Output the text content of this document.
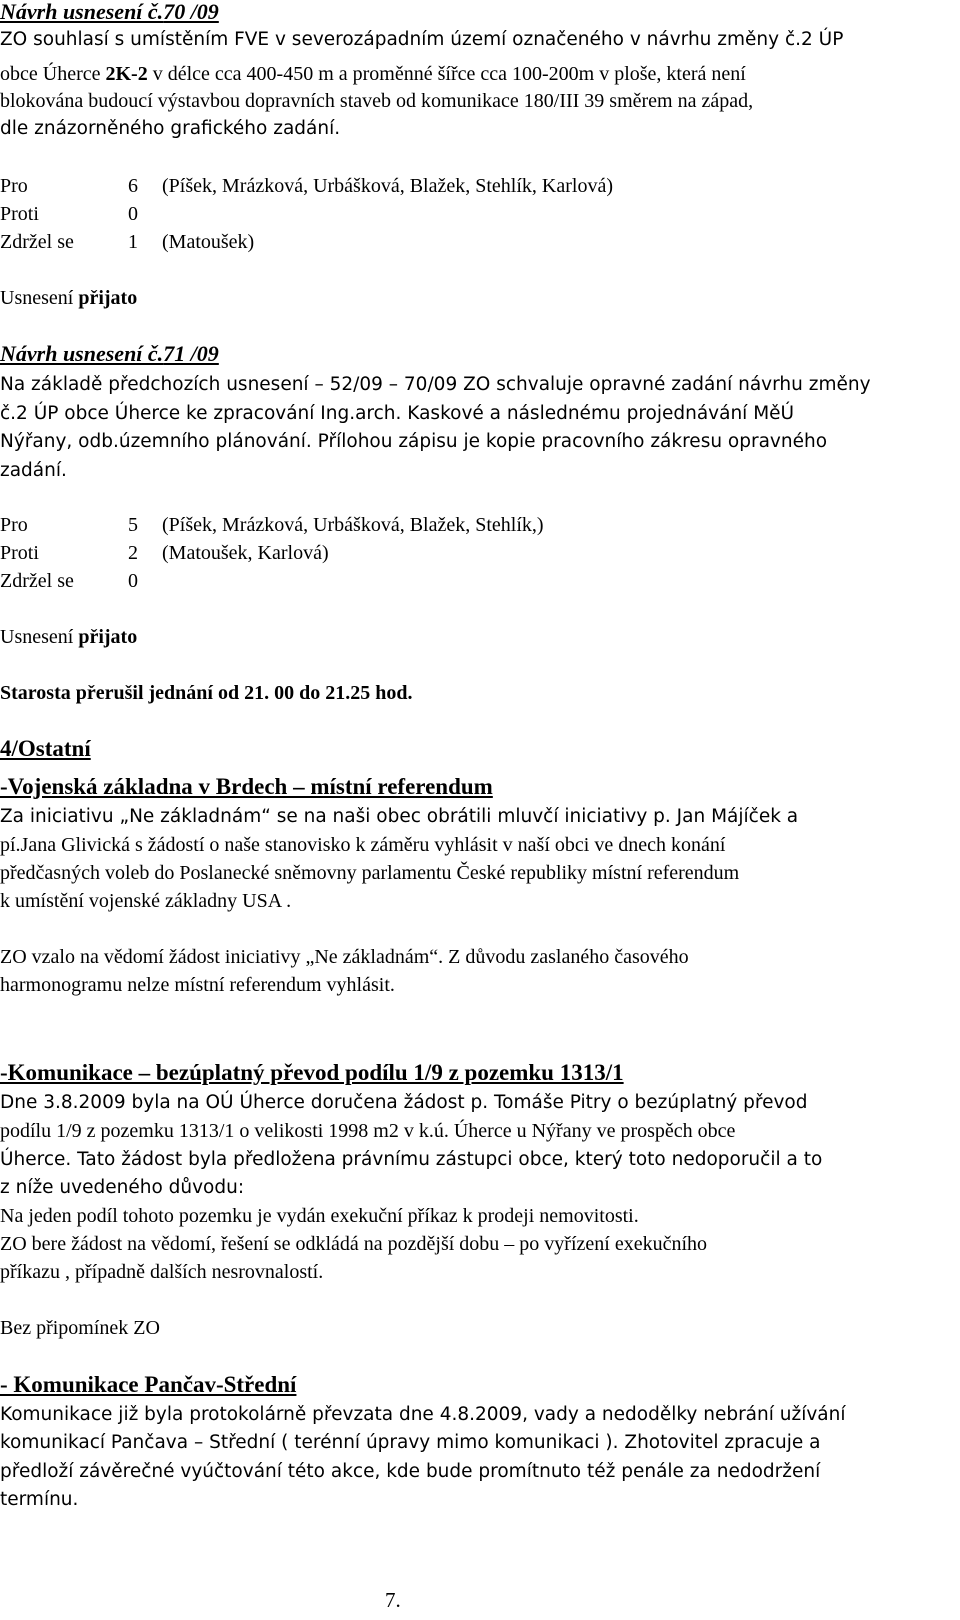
Návrh usnesení č.70 /09
ZO souhlasí s umístěním FVE v severozápadním území označeného v návrhu změny č.2 ÚP
obce Úherce 2K-2 v délce cca 400-450 m a proměnné šířce cca 100-200m v ploše, která není
blokována budoucí výstavbou dopravních staveb od komunikace 180/III 39 směrem na západ,
dle znázorněného grafického zadání.
Pro	6 (Píšek, Mrázková, Urbášková, Blažek, Stehlík, Karlová)
Proti	0
Zdržel se	1 (Matoušek)
Usnesení přijato
Návrh usnesení č.71 /09
Na základě předchozích usnesení – 52/09 – 70/09 ZO schvaluje opravné zadání návrhu změny
č.2 ÚP obce Úherce ke zpracování Ing.arch. Kaskové a následnému projednávání MěÚ
Nýřany, odb.územního plánování. Přílohou zápisu je kopie pracovního zákresu opravného
zadání.
Pro	5 (Píšek, Mrázková, Urbášková, Blažek, Stehlík,)
Proti	2 (Matoušek, Karlová)
Zdržel se	0
Usnesení přijato
Starosta přerušil jednání od 21. 00 do 21.25 hod.
4/Ostatní
-Vojenská základna v Brdech – místní referendum
Za iniciativu „Ne základnám“ se na naši obec obrátili mluvčí iniciativy p. Jan Májíček a
pí.Jana Glivická s žádostí o naše stanovisko k záměru vyhlásit v naší obci ve dnech konání
předčasných voleb do Poslanecké sněmovny parlamentu České republiky místní referendum
k umístění vojenské základny USA .
ZO vzalo na vědomí žádost iniciativy „Ne základnám“. Z důvodu zaslaného časového
harmonogramu nelze místní referendum vyhlásit.
-Komunikace – bezúplatný převod podílu 1/9 z pozemku 1313/1
Dne 3.8.2009 byla na OÚ Úherce doručena žádost p. Tomáše Pitry o bezúplatný převod
podílu 1/9 z pozemku 1313/1 o velikosti 1998 m2 v k.ú. Úherce u Nýřany ve prospěch obce
Úherce. Tato žádost byla předložena právnímu zástupci obce, který toto nedoporučil a to
z níže uvedeného důvodu:
Na jeden podíl tohoto pozemku je vydán exekuční příkaz k prodeji nemovitosti.
ZO bere žádost na vědomí, řešení se odkládá na pozdější dobu – po vyřízení exekučního
příkazu , případně dalších nesrovnalostí.
Bez připomínek ZO
- Komunikace Pančav-Střední
Komunikace již byla protokolárně převzata dne 4.8.2009, vady a nedodělky nebrání užívání
komunikací Pančava – Střední ( terénní úpravy mimo komunikaci ). Zhotovitel zpracuje a
předloží závěrečné vyúčtování této akce, kde bude promítnuto též penále za nedodržení
termínu.
7.
